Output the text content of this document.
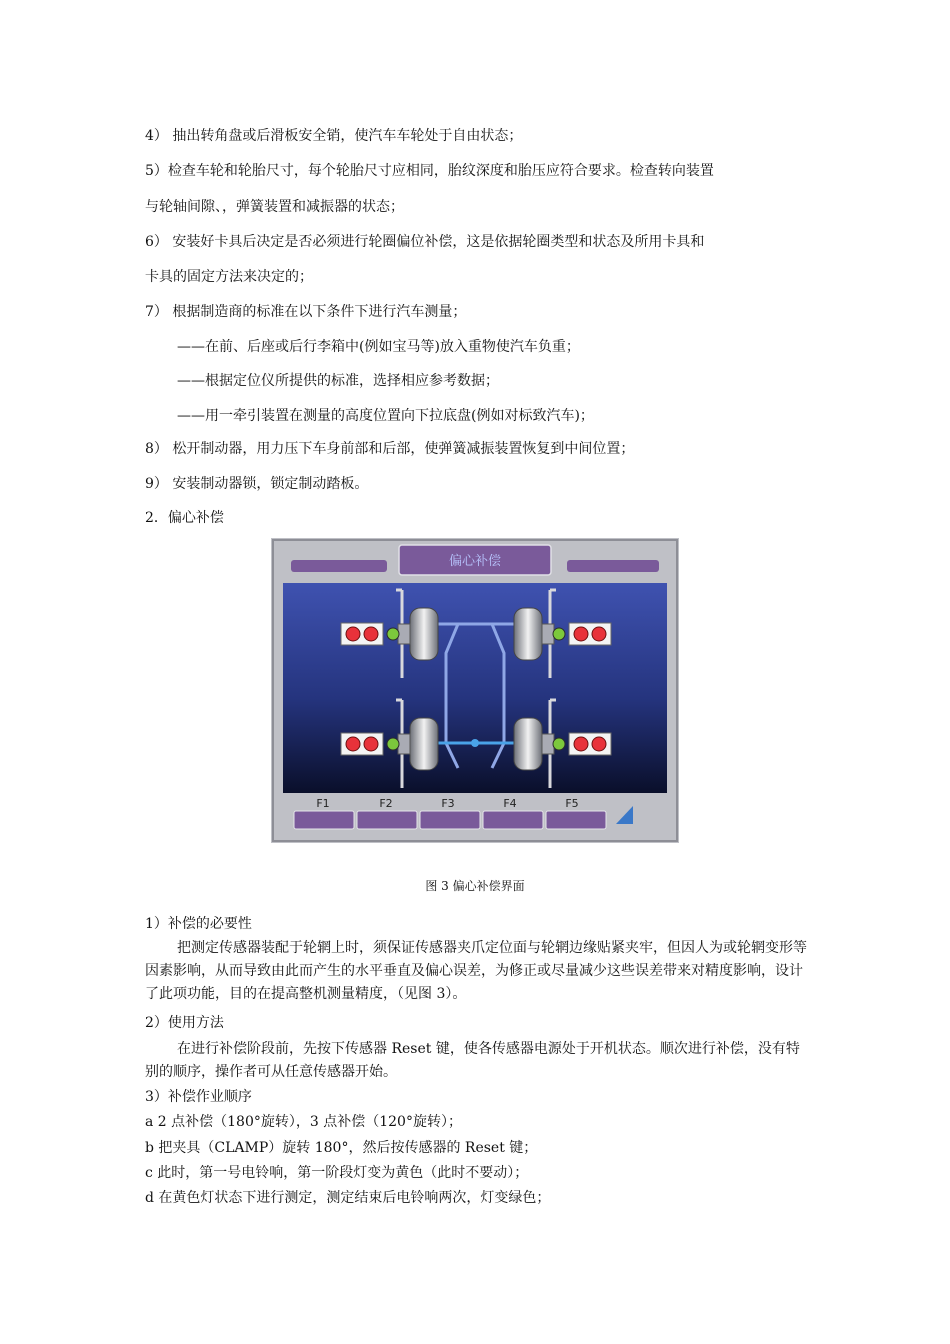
4） 抽出转角盘或后滑板安全销，使汽车车轮处于自由状态；
5）检查车轮和轮胎尺寸，每个轮胎尺寸应相同，胎纹深度和胎压应符合要求。检查转向装置
与轮轴间隙、，弹簧装置和减振器的状态；
6） 安装好卡具后决定是否必须进行轮圈偏位补偿，这是依据轮圈类型和状态及所用卡具和
卡具的固定方法来决定的；
7） 根据制造商的标准在以下条件下进行汽车测量；
——在前、后座或后行李箱中(例如宝马等)放入重物使汽车负重；
——根据定位仪所提供的标准，选择相应参考数据；
——用一牵引装置在测量的高度位置向下拉底盘(例如对标致汽车)；
8） 松开制动器，用力压下车身前部和后部，使弹簧减振装置恢复到中间位置；
9） 安装制动器锁，锁定制动踏板。
2．偏心补偿
偏心补偿
F1	F2	F3	F4	F5
图 3 偏心补偿界面
1）补偿的必要性
把测定传感器装配于轮辋上时，须保证传感器夹爪定位面与轮辋边缘贴紧夹牢，但因人为或轮辋变形等因素影响，从而导致由此而产生的水平垂直及偏心误差，为修正或尽量减少这些误差带来对精度影响，设计了此项功能，目的在提高整机测量精度，（见图 3）。
2）使用方法
在进行补偿阶段前，先按下传感器 Reset 键，使各传感器电源处于开机状态。顺次进行补偿，没有特别的顺序，操作者可从任意传感器开始。
3）补偿作业顺序
a 2 点补偿（180°旋转），3 点补偿（120°旋转）；
b 把夹具（CLAMP）旋转 180°，然后按传感器的 Reset 键；
c 此时，第一号电铃响，第一阶段灯变为黄色（此时不要动）；
d 在黄色灯状态下进行测定，测定结束后电铃响两次，灯变绿色；
